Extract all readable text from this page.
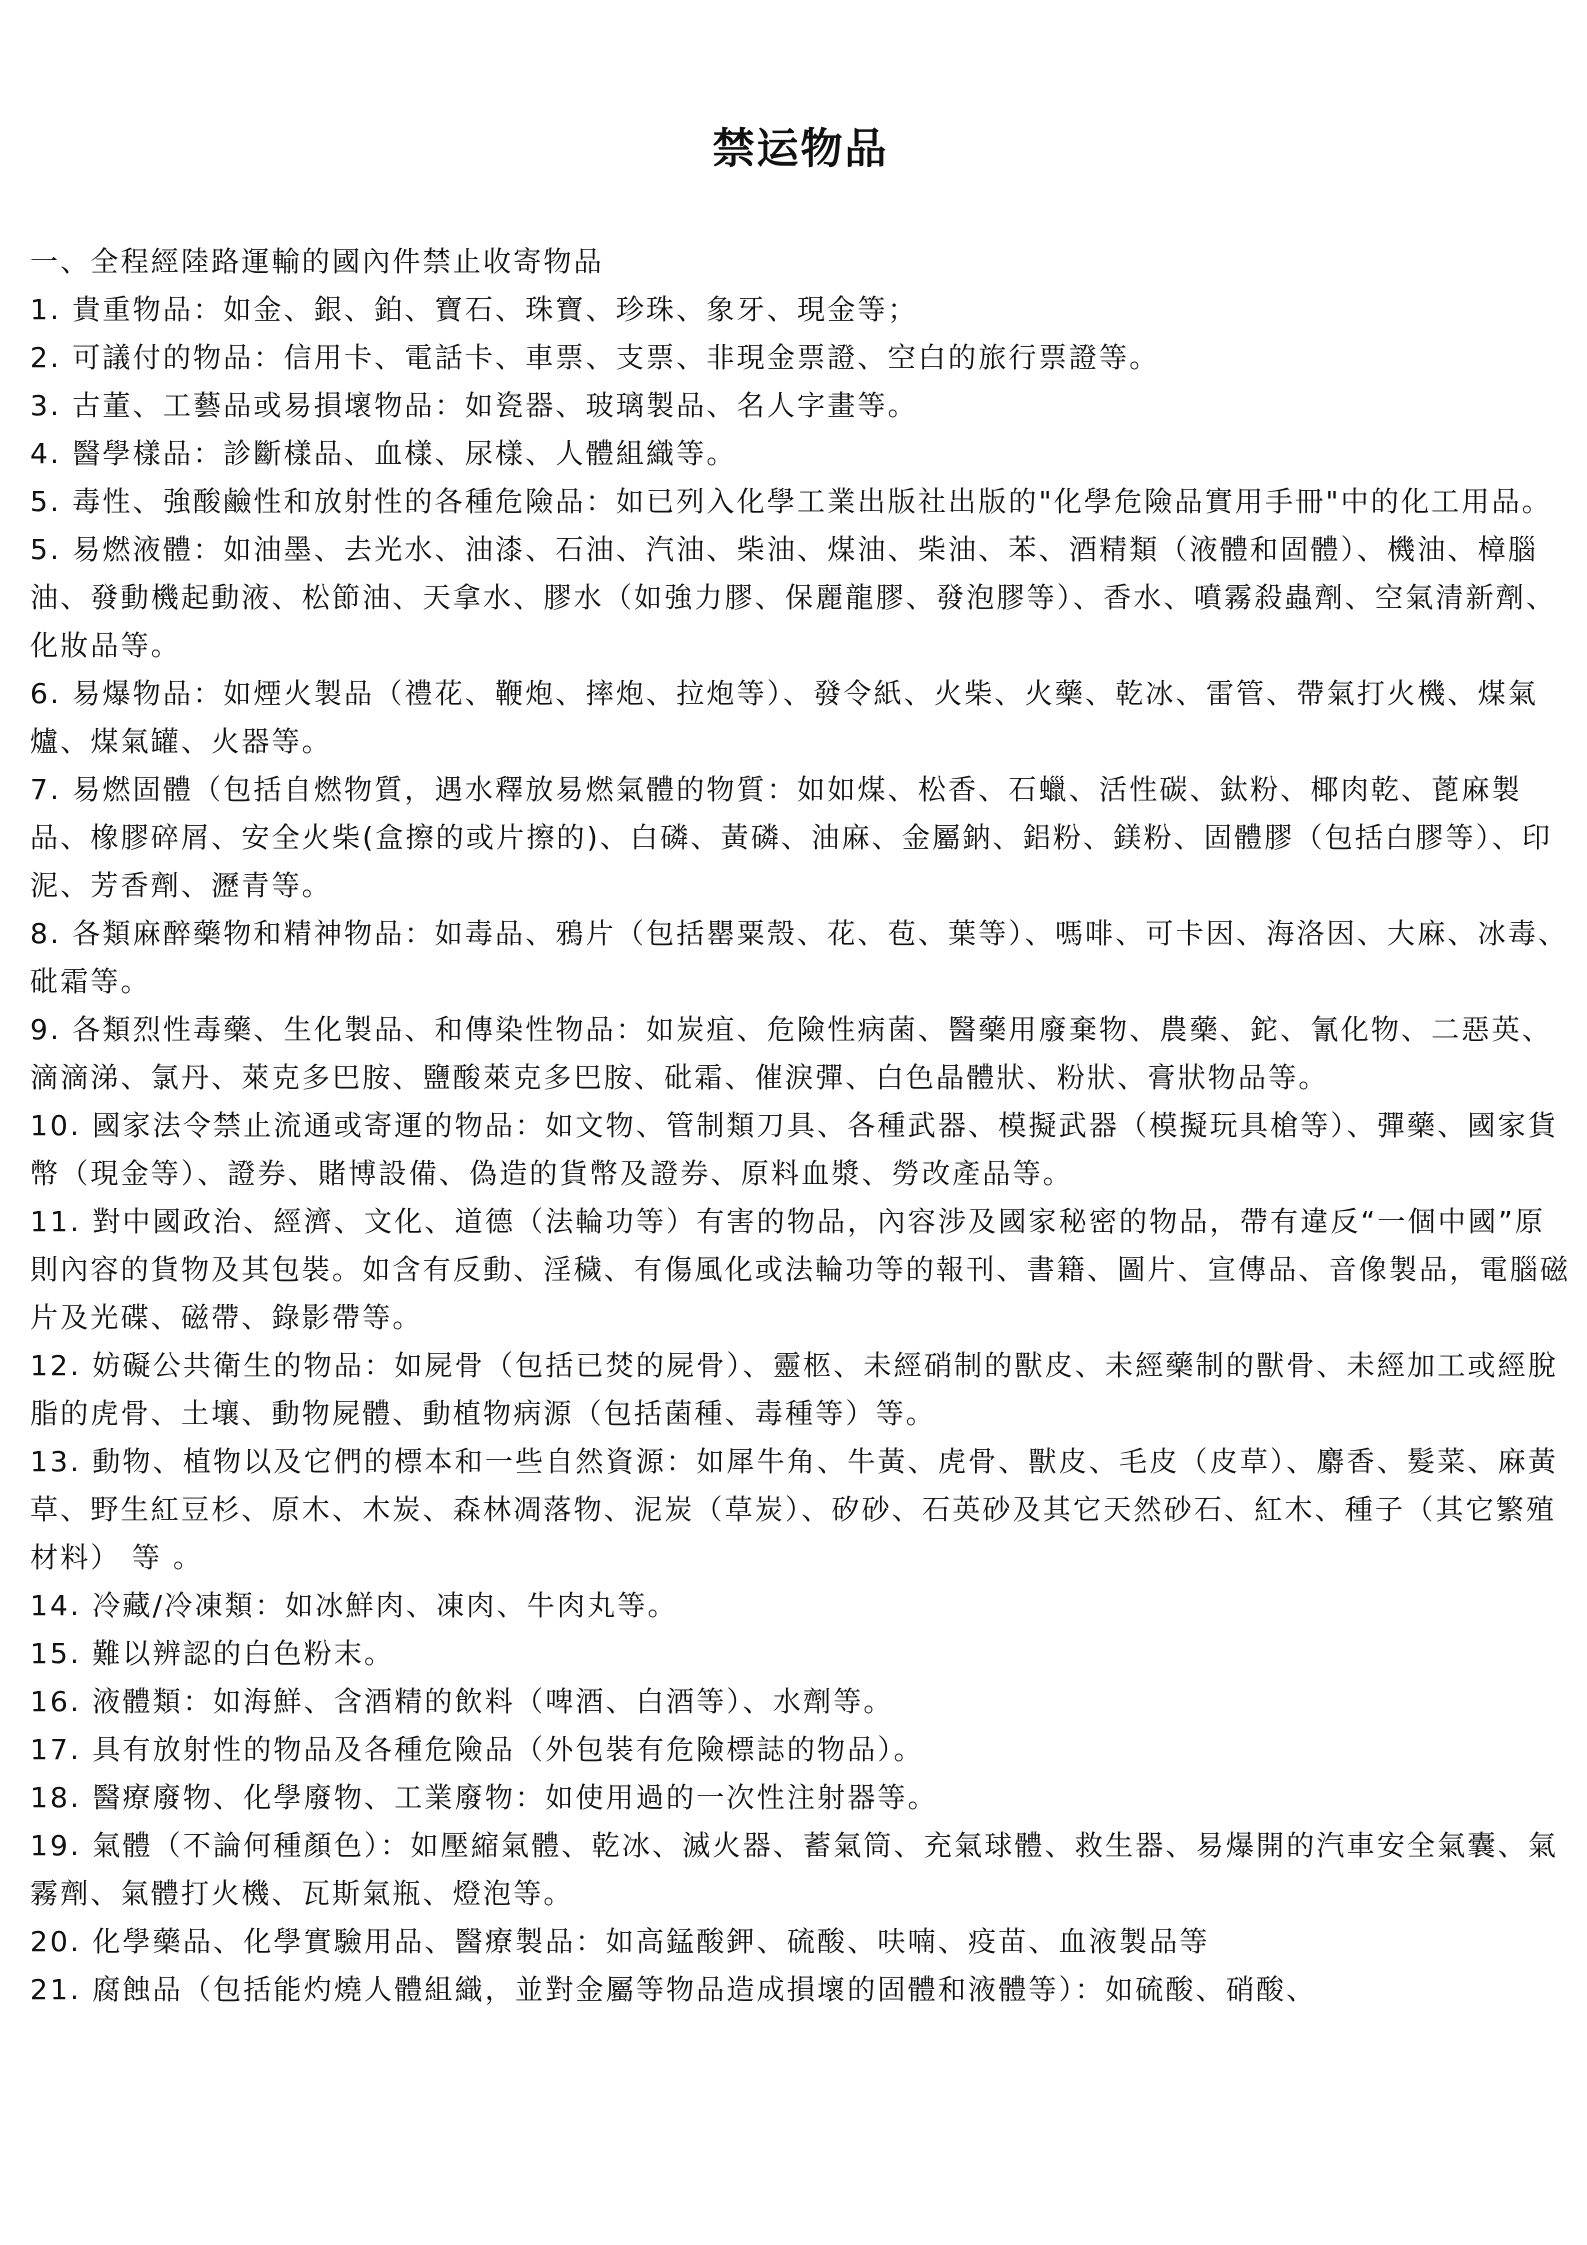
禁运物品

一、全程經陸路運輸的國內件禁止收寄物品

1. 貴重物品：如金、銀、鉑、寶石、珠寶、珍珠、象牙、現金等；

2. 可議付的物品：信用卡、電話卡、車票、支票、非現金票證、空白的旅行票證等。

3. 古董、工藝品或易損壞物品：如瓷器、玻璃製品、名人字畫等。

4. 醫學樣品：診斷樣品、血樣、尿樣、人體組織等。

5. 毒性、強酸鹼性和放射性的各種危險品：如已列入化學工業出版社出版的"化學危險品實用手冊"中的化工用品。

5. 易燃液體：如油墨、去光水、油漆、石油、汽油、柴油、煤油、柴油、苯、酒精類（液體和固體）、機油、樟腦油、發動機起動液、松節油、天拿水、膠水（如強力膠、保麗龍膠、發泡膠等）、香水、噴霧殺蟲劑、空氣清新劑、化妝品等。

6. 易爆物品：如煙火製品（禮花、鞭炮、摔炮、拉炮等）、發令紙、火柴、火藥、乾冰、雷管、帶氣打火機、煤氣爐、煤氣罐、火器等。

7. 易燃固體（包括自燃物質，遇水釋放易燃氣體的物質：如如煤、松香、石蠟、活性碳、鈦粉、椰肉乾、蓖麻製品、橡膠碎屑、安全火柴(盒擦的或片擦的)、白磷、黃磷、油麻、金屬鈉、鋁粉、鎂粉、固體膠（包括白膠等）、印泥、芳香劑、瀝青等。

8. 各類麻醉藥物和精神物品：如毒品、鴉片（包括罌粟殼、花、苞、葉等）、嗎啡、可卡因、海洛因、大麻、冰毒、砒霜等。

9. 各類烈性毒藥、生化製品、和傳染性物品：如炭疽、危險性病菌、醫藥用廢棄物、農藥、鉈、氰化物、二惡英、滴滴涕、氯丹、萊克多巴胺、鹽酸萊克多巴胺、砒霜、催淚彈、白色晶體狀、粉狀、膏狀物品等。

10. 國家法令禁止流通或寄運的物品：如文物、管制類刀具、各種武器、模擬武器（模擬玩具槍等）、彈藥、國家貨幣（現金等）、證券、賭博設備、偽造的貨幣及證券、原料血漿、勞改產品等。

11. 對中國政治、經濟、文化、道德（法輪功等）有害的物品，內容涉及國家秘密的物品，帶有違反“一個中國”原則內容的貨物及其包裝。如含有反動、淫穢、有傷風化或法輪功等的報刊、書籍、圖片、宣傳品、音像製品，電腦磁片及光碟、磁帶、錄影帶等。

12. 妨礙公共衛生的物品：如屍骨（包括已焚的屍骨）、靈柩、未經硝制的獸皮、未經藥制的獸骨、未經加工或經脫脂的虎骨、土壤、動物屍體、動植物病源（包括菌種、毒種等）等。

13. 動物、植物以及它們的標本和一些自然資源：如犀牛角、牛黃、虎骨、獸皮、毛皮（皮草）、麝香、髮菜、麻黃草、野生紅豆杉、原木、木炭、森林凋落物、泥炭（草炭）、矽砂、石英砂及其它天然砂石、紅木、種子（其它繁殖材料） 等 。

14. 冷藏/冷凍類：如冰鮮肉、凍肉、牛肉丸等。

15. 難以辨認的白色粉末。

16. 液體類：如海鮮、含酒精的飲料（啤酒、白酒等）、水劑等。

17. 具有放射性的物品及各種危險品（外包裝有危險標誌的物品）。

18. 醫療廢物、化學廢物、工業廢物：如使用過的一次性注射器等。

19. 氣體（不論何種顏色）：如壓縮氣體、乾冰、滅火器、蓄氣筒、充氣球體、救生器、易爆開的汽車安全氣囊、氣霧劑、氣體打火機、瓦斯氣瓶、燈泡等。

20. 化學藥品、化學實驗用品、醫療製品：如高錳酸鉀、硫酸、呋喃、疫苗、血液製品等

21. 腐蝕品（包括能灼燒人體組織，並對金屬等物品造成損壞的固體和液體等）：如硫酸、硝酸、
